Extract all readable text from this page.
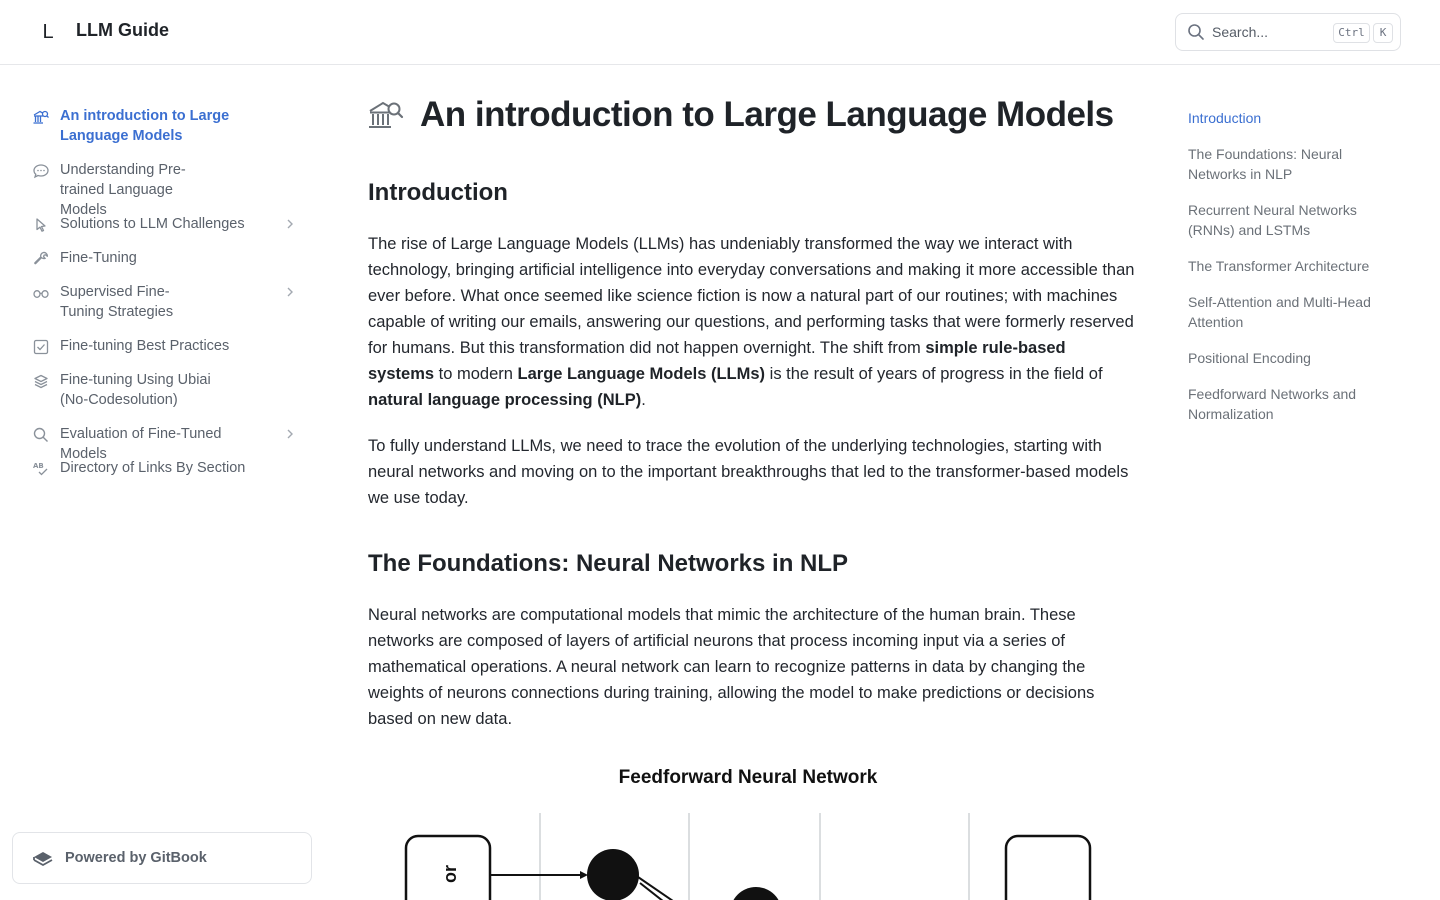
L	LLM Guide	Search...	Ctrl	K
An introduction to Large Language Models
Understanding Pre-trained Language Models
Solutions to LLM Challenges
Fine-Tuning
Supervised Fine-Tuning Strategies
Fine-tuning Best Practices
Fine-tuning Using Ubiai (No-Codesolution)
Evaluation of Fine-Tuned Models
AB Directory of Links By Section
Powered by GitBook
An introduction to Large Language Models
Introduction

The rise of Large Language Models (LLMs) has undeniably transformed the way we interact with technology, bringing artificial intelligence into everyday conversations and making it more accessible than ever before. What once seemed like science fiction is now a natural part of our routines; with machines capable of writing our emails, answering our questions, and performing tasks that were formerly reserved for humans. But this transformation did not happen overnight. The shift from simple rule-based systems to modern Large Language Models (LLMs) is the result of years of progress in the field of natural language processing (NLP).

To fully understand LLMs, we need to trace the evolution of the underlying technologies, starting with neural networks and moving on to the important breakthroughs that led to the transformer-based models we use today.

The Foundations: Neural Networks in NLP

Neural networks are computational models that mimic the architecture of the human brain. These networks are composed of layers of artificial neurons that process incoming input via a series of mathematical operations. A neural network can learn to recognize patterns in data by changing the weights of neurons connections during training, allowing the model to make predictions or decisions based on new data.

Feedforward Neural Network
or
Introduction
The Foundations: Neural Networks in NLP
Recurrent Neural Networks (RNNs) and LSTMs
The Transformer Architecture
Self-Attention and Multi-Head Attention
Positional Encoding
Feedforward Networks and Normalization
